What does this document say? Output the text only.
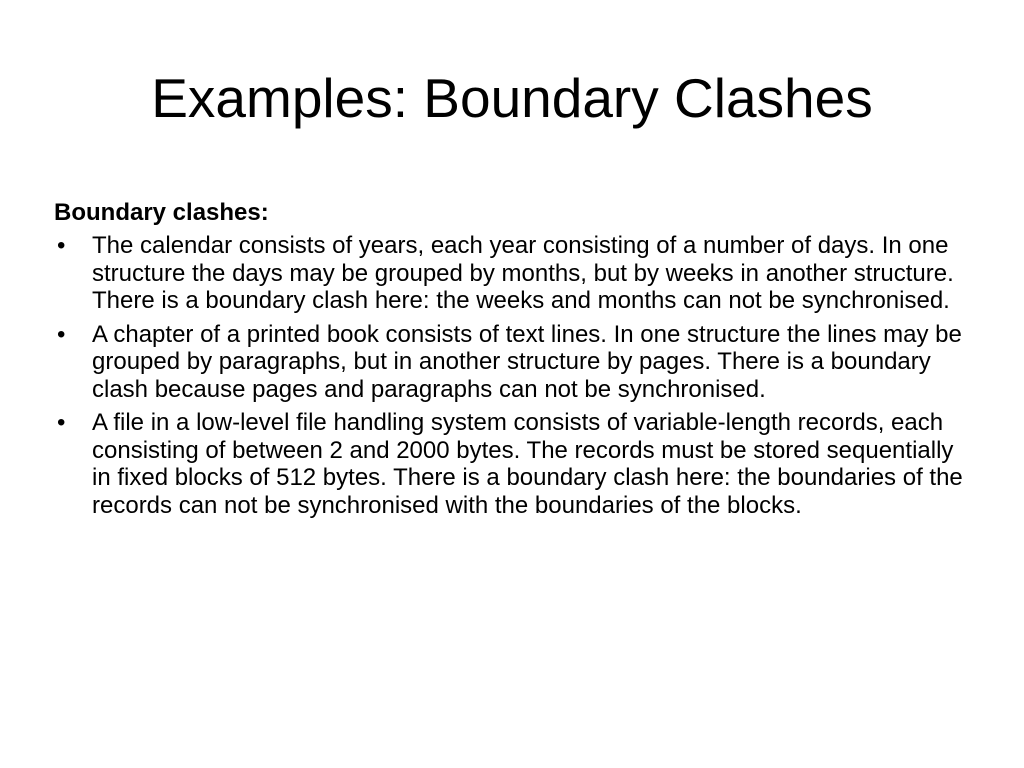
Examples: Boundary Clashes

Boundary clashes:

•	The calendar consists of years, each year consisting of a number of days. In one structure the days may be grouped by months, but by weeks in another structure. There is a boundary clash here: the weeks and months can not be synchronised.
•	A chapter of a printed book consists of text lines. In one structure the lines may be grouped by paragraphs, but in another structure by pages. There is a boundary clash because pages and paragraphs can not be synchronised.
•	A file in a low-level file handling system consists of variable-length records, each consisting of between 2 and 2000 bytes. The records must be stored sequentially in fixed blocks of 512 bytes. There is a boundary clash here: the boundaries of the records can not be synchronised with the boundaries of the blocks.
